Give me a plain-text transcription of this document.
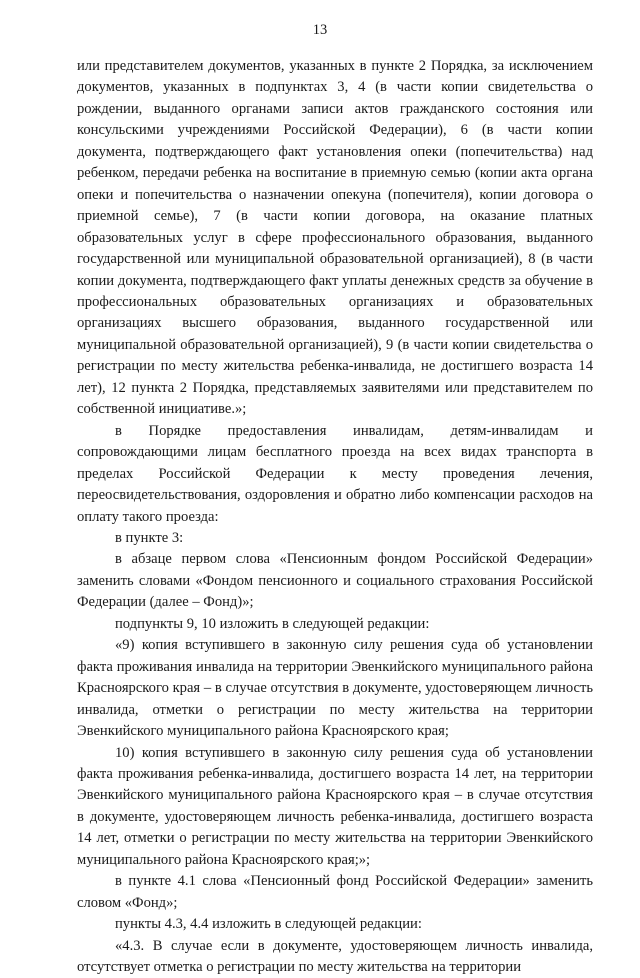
13

или представителем документов, указанных в пункте 2 Порядка, за исключением документов, указанных в подпунктах 3, 4 (в части копии свидетельства о рождении, выданного органами записи актов гражданского состояния или консульскими учреждениями Российской Федерации), 6 (в части копии документа, подтверждающего факт установления опеки (попечительства) над ребенком, передачи ребенка на воспитание в приемную семью (копии акта органа опеки и попечительства о назначении опекуна (попечителя), копии договора о приемной семье), 7 (в части копии договора, на оказание платных образовательных услуг в сфере профессионального образования, выданного государственной или муниципальной образовательной организацией), 8 (в части копии документа, подтверждающего факт уплаты денежных средств за обучение в профессиональных образовательных организациях и образовательных организациях высшего образования, выданного государственной или муниципальной образовательной организацией), 9 (в части копии свидетельства о регистрации по месту жительства ребенка-инвалида, не достигшего возраста 14 лет), 12 пункта 2 Порядка, представляемых заявителями или представителем по собственной инициативе.»;

в Порядке предоставления инвалидам, детям-инвалидам и сопровождающими лицам бесплатного проезда на всех видах транспорта в пределах Российской Федерации к месту проведения лечения, переосвидетельствования, оздоровления и обратно либо компенсации расходов на оплату такого проезда:

в пункте 3:

в абзаце первом слова «Пенсионным фондом Российской Федерации» заменить словами «Фондом пенсионного и социального страхования Российской Федерации (далее – Фонд)»;

подпункты 9, 10 изложить в следующей редакции:

«9) копия вступившего в законную силу решения суда об установлении факта проживания инвалида на территории Эвенкийского муниципального района Красноярского края – в случае отсутствия в документе, удостоверяющем личность инвалида, отметки о регистрации по месту жительства на территории Эвенкийского муниципального района Красноярского края;

10) копия вступившего в законную силу решения суда об установлении факта проживания ребенка-инвалида, достигшего возраста 14 лет, на территории Эвенкийского муниципального района Красноярского края – в случае отсутствия в документе, удостоверяющем личность ребенка-инвалида, достигшего возраста 14 лет, отметки о регистрации по месту жительства на территории Эвенкийского муниципального района Красноярского края;»;

в пункте 4.1 слова «Пенсионный фонд Российской Федерации» заменить словом «Фонд»;

пункты 4.3, 4.4 изложить в следующей редакции:

«4.3. В случае если в документе, удостоверяющем личность инвалида, отсутствует отметка о регистрации по месту жительства на территории
